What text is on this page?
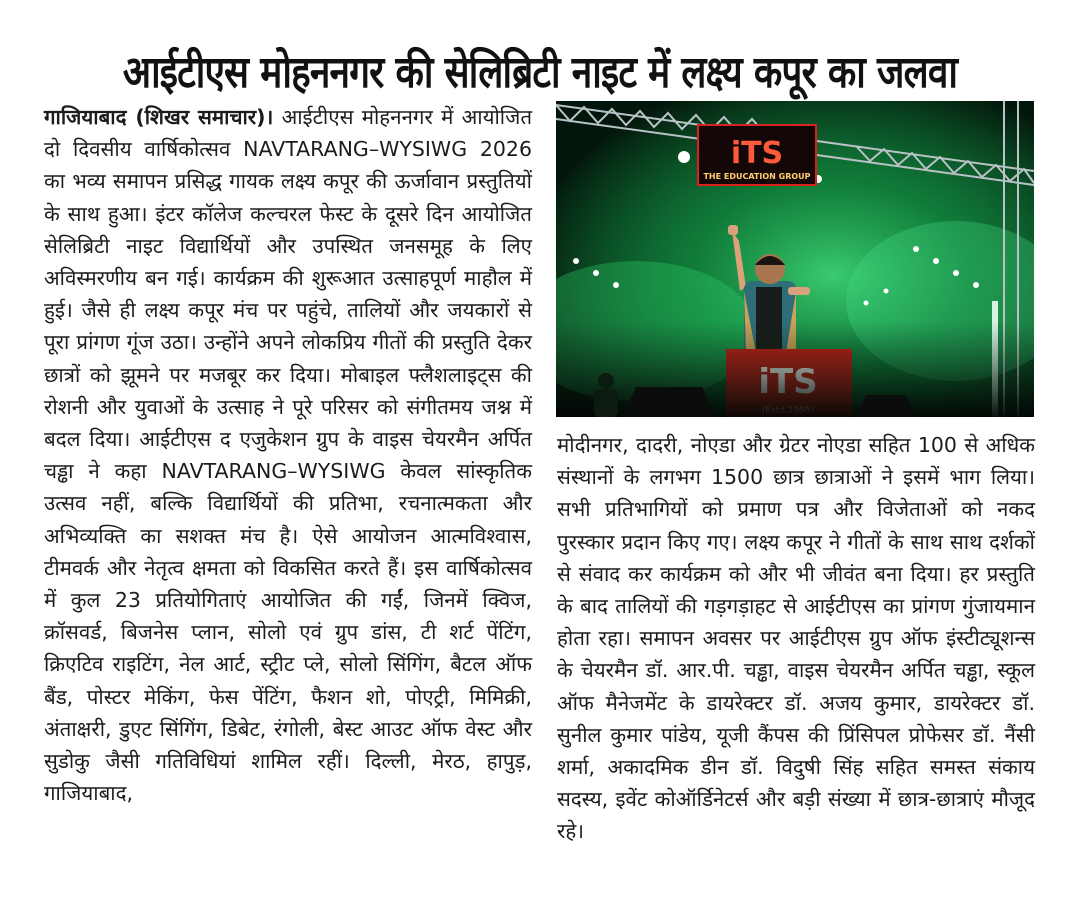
आईटीएस मोहननगर की सेलिब्रिटी नाइट में लक्ष्य कपूर का जलवा
गाजियाबाद (शिखर समाचार)। आईटीएस मोहननगर में आयोजित दो दिवसीय वार्षिकोत्सव NAVTARANG–WYSIWG 2026 का भव्य समापन प्रसिद्ध गायक लक्ष्य कपूर की ऊर्जावान प्रस्तुतियों के साथ हुआ। इंटर कॉलेज कल्चरल फेस्ट के दूसरे दिन आयोजित सेलिब्रिटी नाइट विद्यार्थियों और उपस्थित जनसमूह के लिए अविस्मरणीय बन गई। कार्यक्रम की शुरूआत उत्साहपूर्ण माहौल में हुई। जैसे ही लक्ष्य कपूर मंच पर पहुंचे, तालियों और जयकारों से पूरा प्रांगण गूंज उठा। उन्होंने अपने लोकप्रिय गीतों की प्रस्तुति देकर छात्रों को झूमने पर मजबूर कर दिया। मोबाइल फ्लैशलाइट्स की रोशनी और युवाओं के उत्साह ने पूरे परिसर को संगीतमय जश्न में बदल दिया। आईटीएस द एजुकेशन ग्रुप के वाइस चेयरमैन अर्पित चड्ढा ने कहा NAVTARANG–WYSIWG केवल सांस्कृतिक उत्सव नहीं, बल्कि विद्यार्थियों की प्रतिभा, रचनात्मकता और अभिव्यक्ति का सशक्त मंच है। ऐसे आयोजन आत्मविश्वास, टीमवर्क और नेतृत्व क्षमता को विकसित करते हैं। इस वार्षिकोत्सव में कुल 23 प्रतियोगिताएं आयोजित की गईं, जिनमें क्विज, क्रॉसवर्ड, बिजनेस प्लान, सोलो एवं ग्रुप डांस, टी शर्ट पेंटिंग, क्रिएटिव राइटिंग, नेल आर्ट, स्ट्रीट प्ले, सोलो सिंगिंग, बैटल ऑफ बैंड, पोस्टर मेकिंग, फेस पेंटिंग, फैशन शो, पोएट्री, मिमिक्री, अंताक्षरी, डुएट सिंगिंग, डिबेट, रंगोली, बेस्ट आउट ऑफ वेस्ट और सुडोकु जैसी गतिविधियां शामिल रहीं। दिल्ली, मेरठ, हापुड़, गाजियाबाद,
iTS
THE EDUCATION GROUP
मोदीनगर, दादरी, नोएडा और ग्रेटर नोएडा सहित 100 से अधिक संस्थानों के लगभग 1500 छात्र छात्राओं ने इसमें भाग लिया। सभी प्रतिभागियों को प्रमाण पत्र और विजेताओं को नकद पुरस्कार प्रदान किए गए। लक्ष्य कपूर ने गीतों के साथ साथ दर्शकों से संवाद कर कार्यक्रम को और भी जीवंत बना दिया। हर प्रस्तुति के बाद तालियों की गड़गड़ाहट से आईटीएस का प्रांगण गुंजायमान होता रहा। समापन अवसर पर आईटीएस ग्रुप ऑफ इंस्टीट्यूशन्स के चेयरमैन डॉ. आर.पी. चड्ढा, वाइस चेयरमैन अर्पित चड्ढा, स्कूल ऑफ मैनेजमेंट के डायरेक्टर डॉ. अजय कुमार, डायरेक्टर डॉ. सुनील कुमार पांडेय, यूजी कैंपस की प्रिंसिपल प्रोफेसर डॉ. नैंसी शर्मा, अकादमिक डीन डॉ. विदुषी सिंह सहित समस्त संकाय सदस्य, इवेंट कोऑर्डिनेटर्स और बड़ी संख्या में छात्र-छात्राएं मौजूद रहे।
